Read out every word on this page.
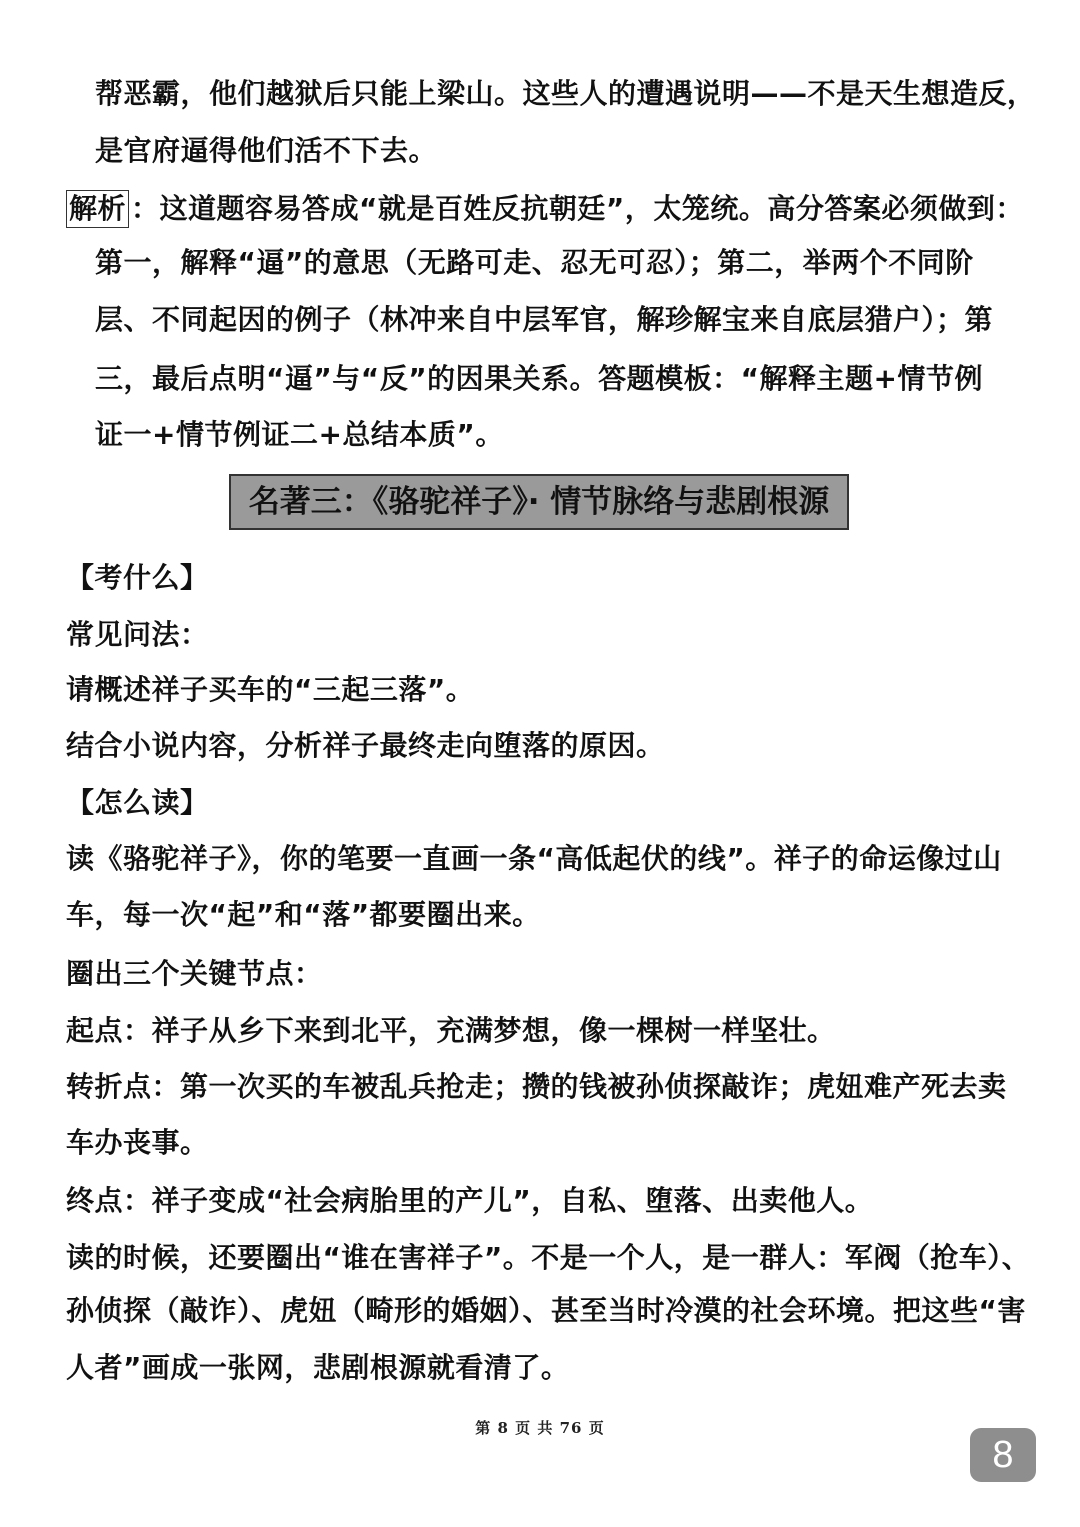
帮恶霸，他们越狱后只能上梁山。这些人的遭遇说明——不是天生想造反，
是官府逼得他们活不下去。
解析 ：这道题容易答成“就是百姓反抗朝廷”，太笼统。高分答案必须做到：
第一，解释“逼”的意思（无路可走、忍无可忍）；第二，举两个不同阶
层、不同起因的例子（林冲来自中层军官，解珍解宝来自底层猎户）；第
三，最后点明“逼”与“反”的因果关系。答题模板：“解释主题+情节例
证一+情节例证二+总结本质”。
名著三：《骆驼祥子》· 情节脉络与悲剧根源
【考什么】
常见问法：
请概述祥子买车的“三起三落”。
结合小说内容，分析祥子最终走向堕落的原因。
【怎么读】
读《骆驼祥子》，你的笔要一直画一条“高低起伏的线”。祥子的命运像过山
车，每一次“起”和“落”都要圈出来。
圈出三个关键节点：
起点：祥子从乡下来到北平，充满梦想，像一棵树一样坚壮。
转折点：第一次买的车被乱兵抢走；攒的钱被孙侦探敲诈；虎妞难产死去卖
车办丧事。
终点：祥子变成“社会病胎里的产儿”，自私、堕落、出卖他人。
读的时候，还要圈出“谁在害祥子”。不是一个人，是一群人：军阀（抢车）、
孙侦探（敲诈）、虎妞（畸形的婚姻）、甚至当时冷漠的社会环境。把这些“害
人者”画成一张网，悲剧根源就看清了。
第 8 页 共 76 页
8
